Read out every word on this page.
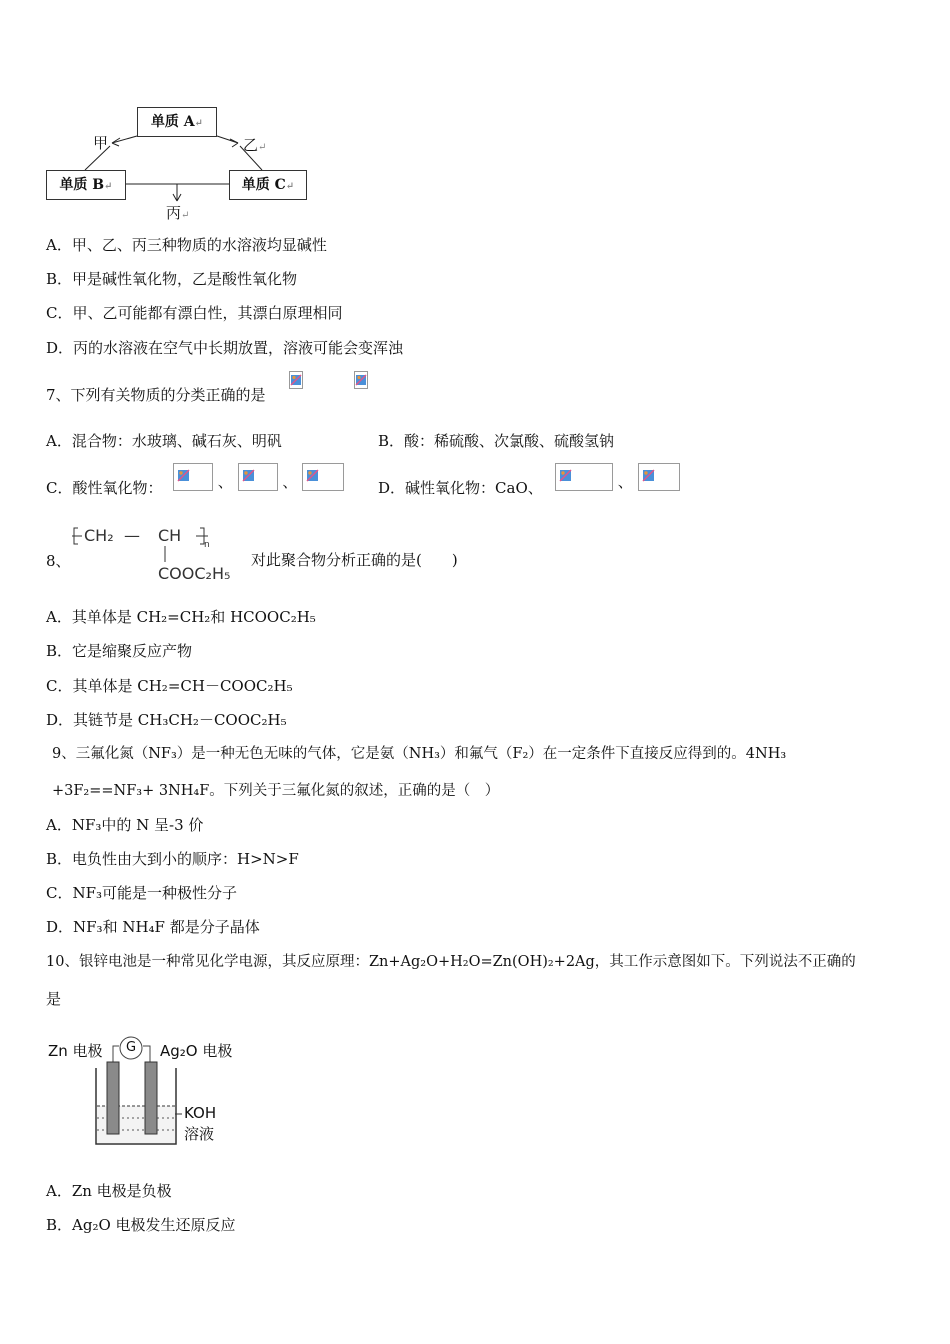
单质 A↵
单质 B↵	单质 C↵
甲	乙↵
丙↵
A．甲、乙、丙三种物质的水溶液均显碱性
B．甲是碱性氧化物，乙是酸性氧化物
C．甲、乙可能都有漂白性，其漂白原理相同
D．丙的水溶液在空气中长期放置，溶液可能会变浑浊
7、下列有关物质的分类正确的是

A．混合物：水玻璃、碱石灰、明矾	B．酸：稀硫酸、次氯酸、硫酸氢钠
C．酸性氧化物：	、	、	D．碱性氧化物：CaO、	、
8、
CH₂ — CH	n
COOC₂H₅
对此聚合物分析正确的是(　　)
A．其单体是 CH₂=CH₂和 HCOOC₂H₅
B．它是缩聚反应产物
C．其单体是 CH₂=CH－COOC₂H₅
D．其链节是 CH₃CH₂－COOC₂H₅
9、三氟化氮（NF₃）是一种无色无味的气体，它是氨（NH₃）和氟气（F₂）在一定条件下直接反应得到的。4NH₃
+3F₂==NF₃+ 3NH₄F。下列关于三氟化氮的叙述，正确的是（　）
A．NF₃中的 N 呈-3 价
B．电负性由大到小的顺序：H>N>F
C．NF₃可能是一种极性分子
D．NF₃和 NH₄F 都是分子晶体
10、银锌电池是一种常见化学电源，其反应原理：Zn+Ag₂O+H₂O=Zn(OH)₂+2Ag，其工作示意图如下。下列说法不正确的
是
G
Zn 电极	Ag₂O 电极
KOH
溶液
A．Zn 电极是负极
B．Ag₂O 电极发生还原反应
